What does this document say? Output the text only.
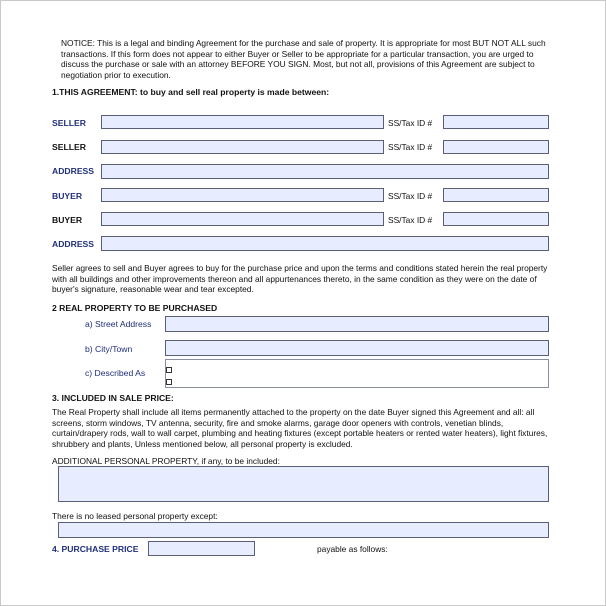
NOTICE: This is a legal and binding Agreement for the purchase and sale of property. It is appropriate for most BUT NOT ALL such transactions. If this form does not appear to either Buyer or Seller to be appropriate for a particular transaction, you are urged to discuss the purchase or sale with an attorney BEFORE YOU SIGN. Most, but not all, provisions of this Agreement are subject to negotiation prior to execution.
1.THIS AGREEMENT: to buy and sell real property is made between:
SELLER	SS/Tax ID #
SELLER	SS/Tax ID #
ADDRESS
BUYER	SS/Tax ID #
BUYER	SS/Tax ID #
ADDRESS
Seller agrees to sell and Buyer agrees to buy for the purchase price and upon the terms and conditions stated herein the real property with all buildings and other improvements thereon and all appurtenances thereto, in the same condition as they were on the date of buyer's signature, reasonable wear and tear excepted.
2 REAL PROPERTY TO BE PURCHASED
a) Street Address
b) City/Town
c) Described As
3. INCLUDED IN SALE PRICE:
The Real Property shall include all items permanently attached to the property on the date Buyer signed this Agreement and all: all screens, storm windows, TV antenna, security, fire and smoke alarms, garage door openers with controls, venetian blinds, curtain/drapery rods, wall to wall carpet, plumbing and heating fixtures (except portable heaters or rented water heaters), light fixtures, shrubbery and plants, Unless mentioned below, all personal property is excluded.
ADDITIONAL PERSONAL PROPERTY, if any, to be included:
There is no leased personal property except:
4. PURCHASE PRICE	payable as follows:
